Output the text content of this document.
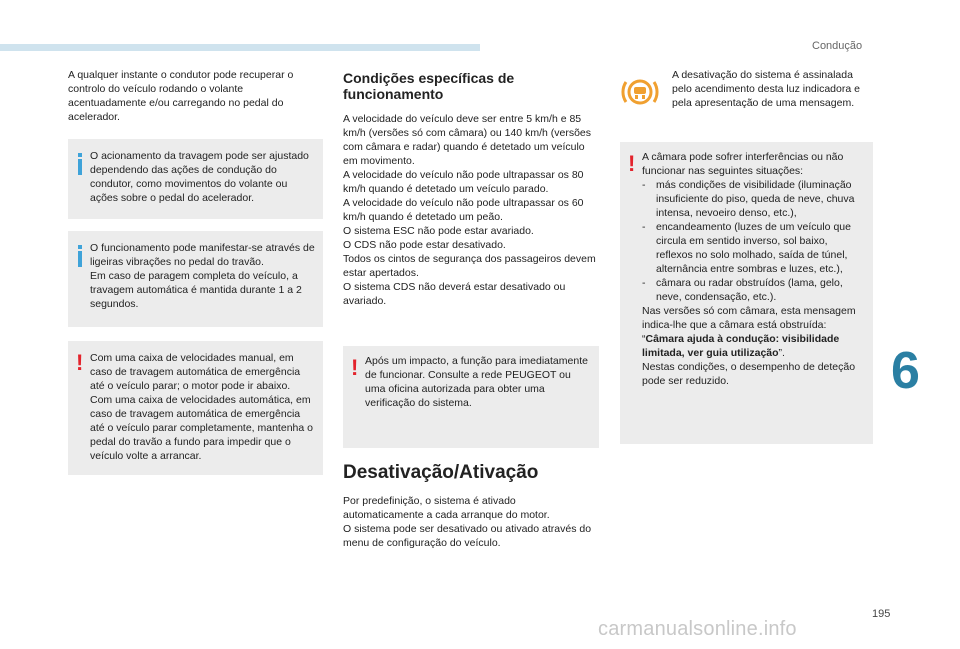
Condução

A qualquer instante o condutor pode recuperar o controlo do veículo rodando o volante acentuadamente e/ou carregando no pedal do acelerador.

O acionamento da travagem pode ser ajustado dependendo das ações de condução do condutor, como movimentos do volante ou ações sobre o pedal do acelerador.

O funcionamento pode manifestar-se através de ligeiras vibrações no pedal do travão.

Em caso de paragem completa do veículo, a travagem automática é mantida durante 1 a 2 segundos.

! Com uma caixa de velocidades manual, em caso de travagem automática de emergência até o veículo parar; o motor pode ir abaixo.

Com uma caixa de velocidades automática, em caso de travagem automática de emergência até o veículo parar completamente, mantenha o pedal do travão a fundo para impedir que o veículo volte a arrancar.

Condições específicas de funcionamento

A velocidade do veículo deve ser entre 5 km/h e 85 km/h (versões só com câmara) ou 140 km/h (versões com câmara e radar) quando é detetado um veículo em movimento.

A velocidade do veículo não pode ultrapassar os 80 km/h quando é detetado um veículo parado.

A velocidade do veículo não pode ultrapassar os 60 km/h quando é detetado um peão.

O sistema ESC não pode estar avariado.

O CDS não pode estar desativado.

Todos os cintos de segurança dos passageiros devem estar apertados.

O sistema CDS não deverá estar desativado ou avariado.

! Após um impacto, a função para imediatamente de funcionar. Consulte a rede PEUGEOT ou uma oficina autorizada para obter uma verificação do sistema.

Desativação/Ativação

Por predefinição, o sistema é ativado automaticamente a cada arranque do motor.

O sistema pode ser desativado ou ativado através do menu de configuração do veículo.

A desativação do sistema é assinalada pelo acendimento desta luz indicadora e pela apresentação de uma mensagem.

! A câmara pode sofrer interferências ou não funcionar nas seguintes situações:

- más condições de visibilidade (iluminação insuficiente do piso, queda de neve, chuva intensa, nevoeiro denso, etc.),
- encandeamento (luzes de um veículo que circula em sentido inverso, sol baixo, reflexos no solo molhado, saída de túnel, alternância entre sombras e luzes, etc.),
- câmara ou radar obstruídos (lama, gelo, neve, condensação, etc.).

Nas versões só com câmara, esta mensagem indica-lhe que a câmara está obstruída: “Câmara ajuda à condução: visibilidade limitada, ver guia utilização”.

Nestas condições, o desempenho de deteção pode ser reduzido.	6
195
carmanualsonline.info
